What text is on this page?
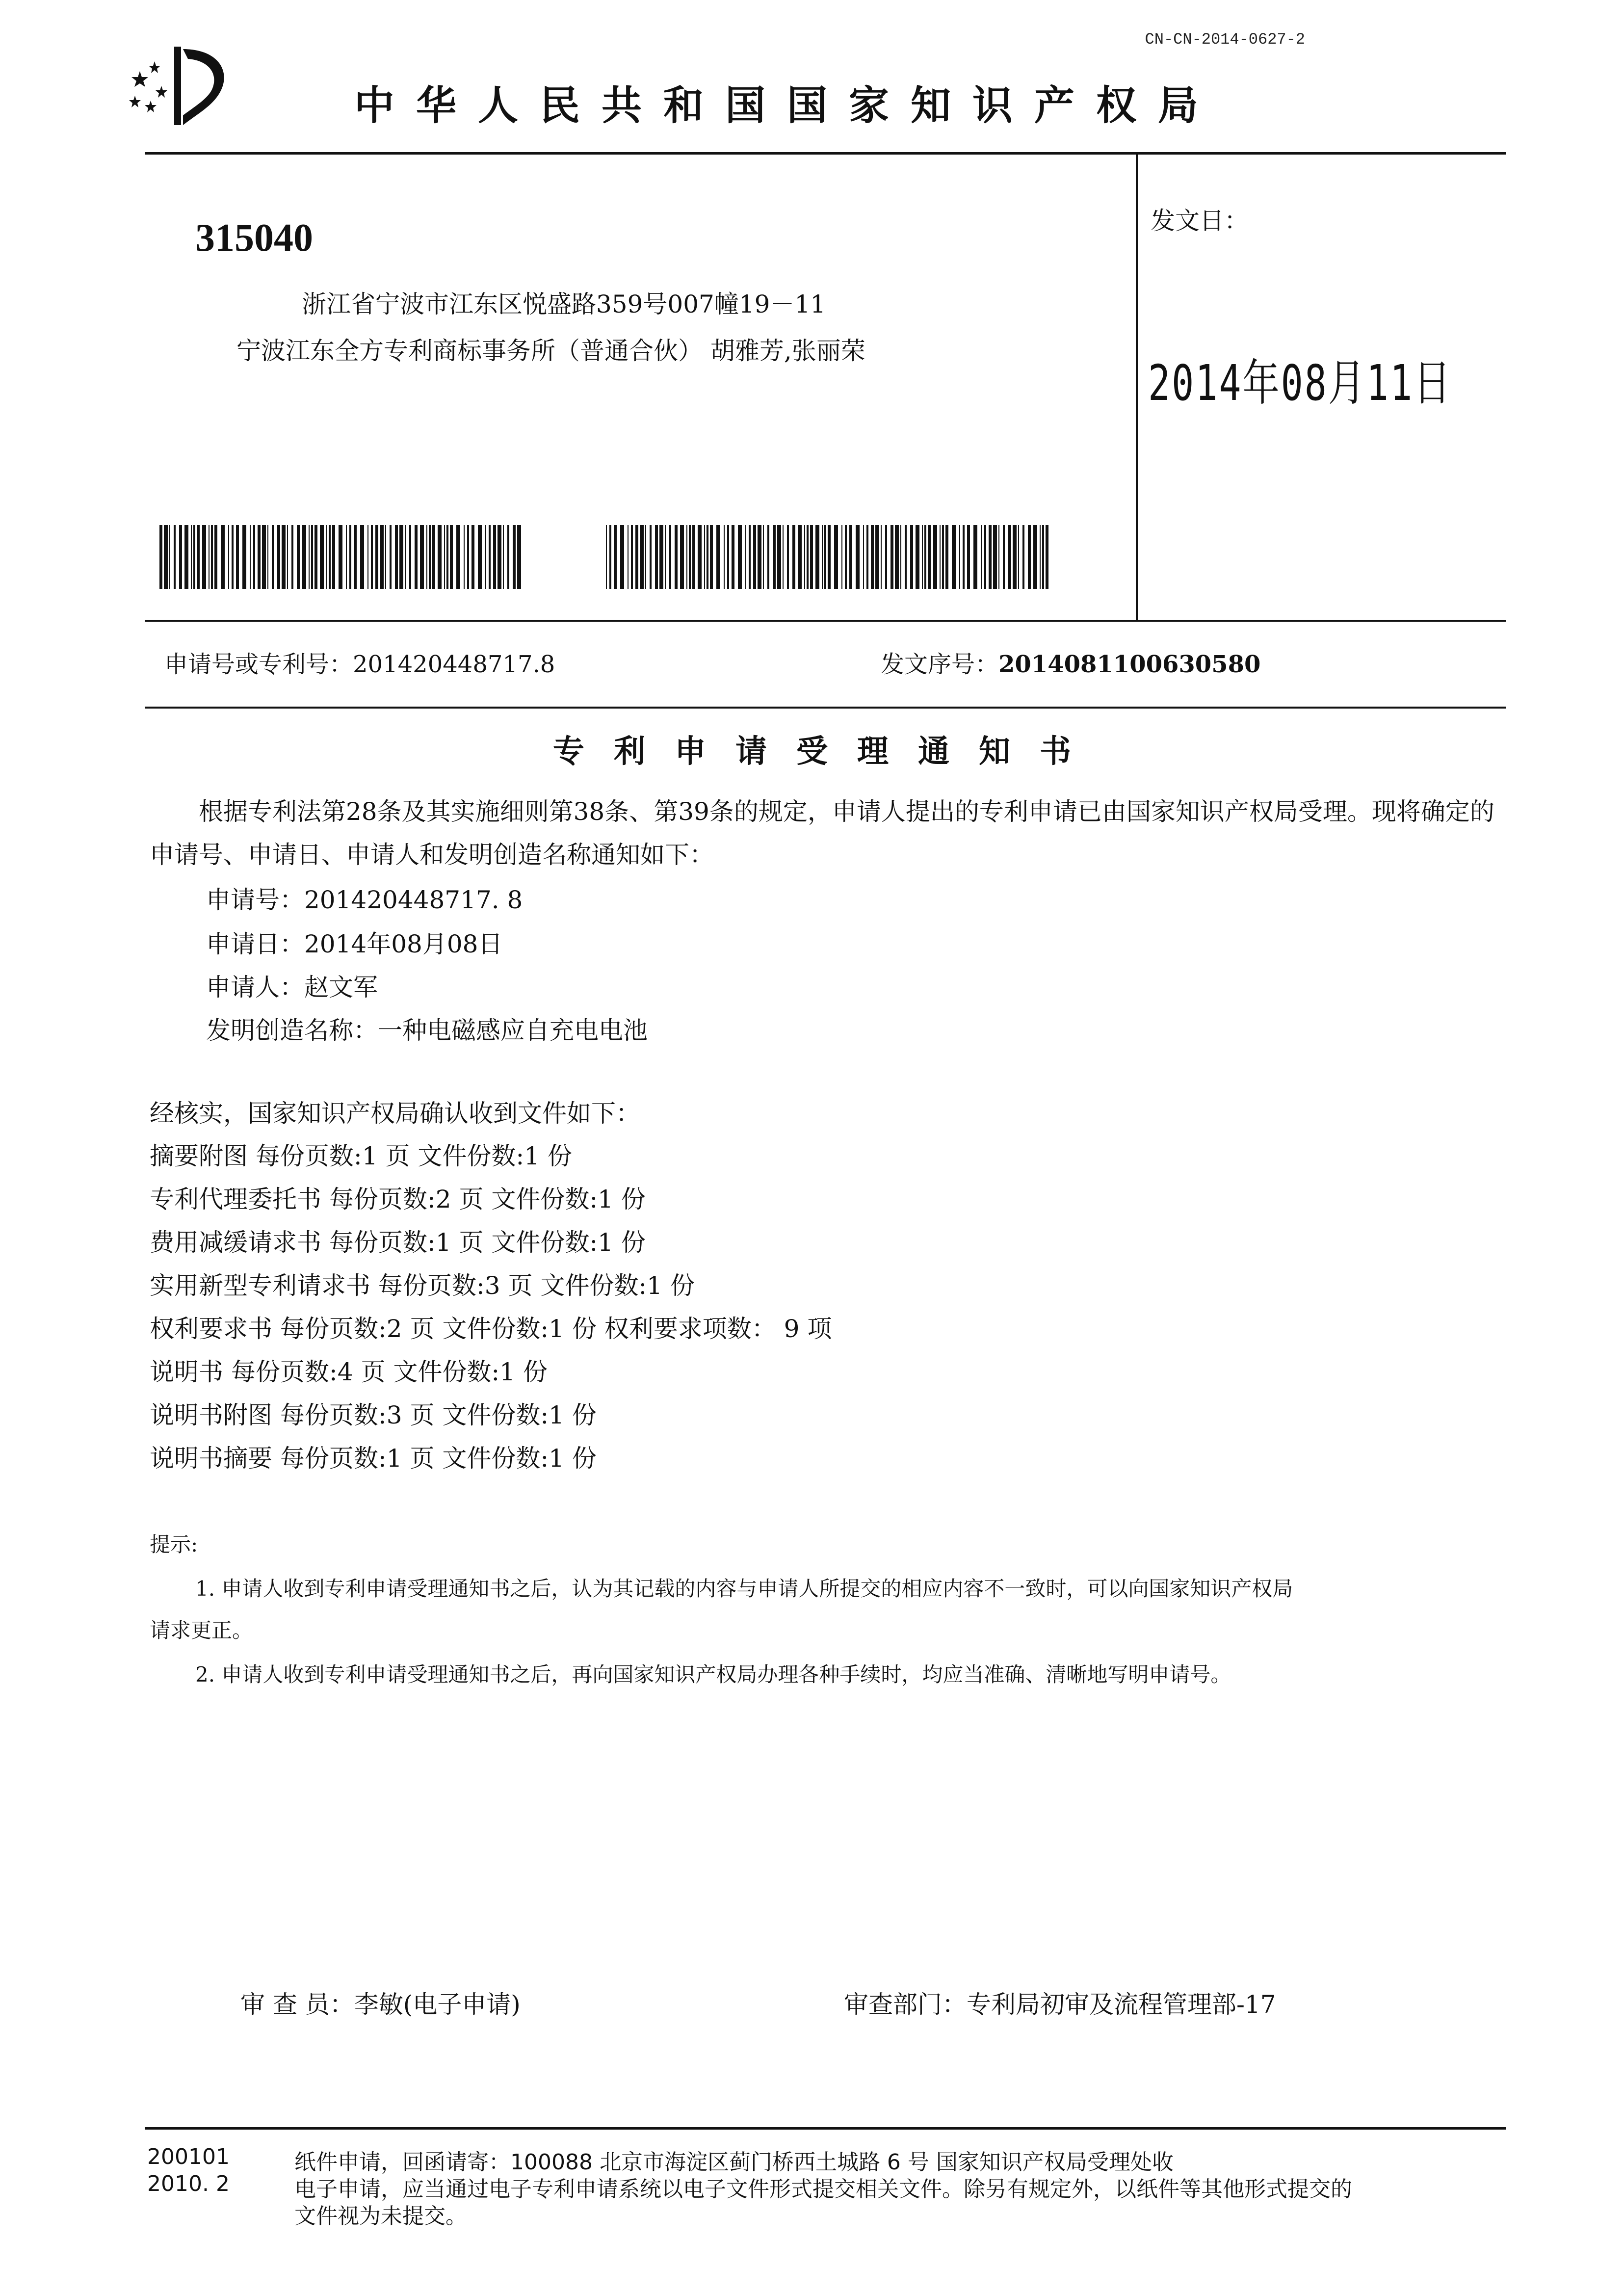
CN-CN-2014-0627-2
中华人民共和国国家知识产权局
315040
浙江省宁波市江东区悦盛路359号007幢19－11
宁波江东全方专利商标事务所（普通合伙） 胡雅芳,张丽荣
发文日：
2014年08月11日
申请号或专利号：201420448717.8	发文序号：2014081100630580
专利申请受理通知书
根据专利法第28条及其实施细则第38条、第39条的规定，申请人提出的专利申请已由国家知识产权局受理。现将确定的申请号、申请日、申请人和发明创造名称通知如下：
申请号：201420448717. 8
申请日：2014年08月08日
申请人：赵文军
发明创造名称：一种电磁感应自充电电池
经核实，国家知识产权局确认收到文件如下：
摘要附图 每份页数:1 页 文件份数:1 份
专利代理委托书 每份页数:2 页 文件份数:1 份
费用减缓请求书 每份页数:1 页 文件份数:1 份
实用新型专利请求书 每份页数:3 页 文件份数:1 份
权利要求书 每份页数:2 页 文件份数:1 份 权利要求项数： 9 项
说明书 每份页数:4 页 文件份数:1 份
说明书附图 每份页数:3 页 文件份数:1 份
说明书摘要 每份页数:1 页 文件份数:1 份
提示:
1. 申请人收到专利申请受理通知书之后，认为其记载的内容与申请人所提交的相应内容不一致时，可以向国家知识产权局
请求更正。
2. 申请人收到专利申请受理通知书之后，再向国家知识产权局办理各种手续时，均应当准确、清晰地写明申请号。
审 查 员：李敏(电子申请)	审查部门：专利局初审及流程管理部-17
200101
2010. 2
纸件申请，回函请寄：100088 北京市海淀区蓟门桥西土城路 6 号 国家知识产权局受理处收
电子申请，应当通过电子专利申请系统以电子文件形式提交相关文件。除另有规定外，以纸件等其他形式提交的
文件视为未提交。
